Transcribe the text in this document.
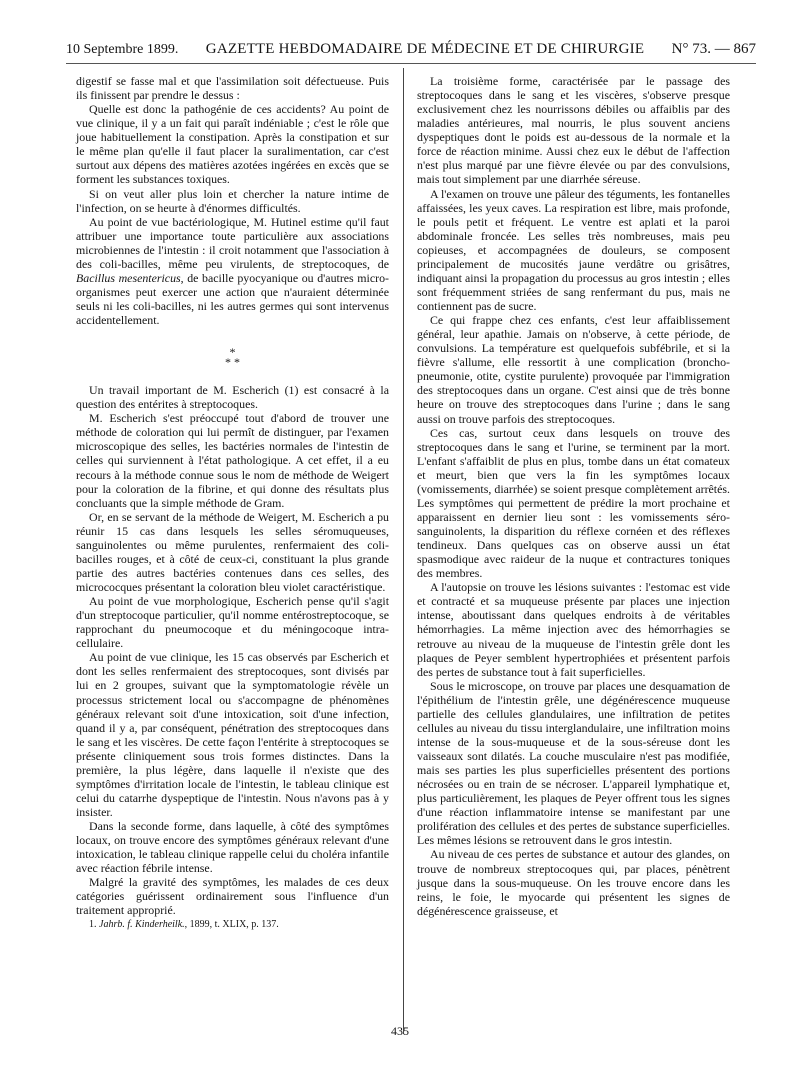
10 Septembre 1899. GAZETTE HEBDOMADAIRE DE MÉDECINE ET DE CHIRURGIE N° 73. — 867

digestif se fasse mal et que l'assimilation soit défectueuse. Puis ils finissent par prendre le dessus :

Quelle est donc la pathogénie de ces accidents? Au point de vue clinique, il y a un fait qui paraît indéniable ; c'est le rôle que joue habituellement la constipation. Après la constipation et sur le même plan qu'elle il faut placer la suralimentation, car c'est surtout aux dépens des matières azotées ingérées en excès que se forment les substances toxiques.

Si on veut aller plus loin et chercher la nature intime de l'infection, on se heurte à d'énormes difficultés.

Au point de vue bactériologique, M. Hutinel estime qu'il faut attribuer une importance toute particulière aux associations microbiennes de l'intestin : il croit notamment que l'association à des coli-bacilles, même peu virulents, de streptocoques, de Bacillus mesentericus, de bacille pyocyanique ou d'autres micro-organismes peut exercer une action que n'auraient déterminée seuls ni les coli-bacilles, ni les autres germes qui sont intervenus accidentellement.

*
* *

Un travail important de M. Escherich (1) est consacré à la question des entérites à streptocoques.

M. Escherich s'est préoccupé tout d'abord de trouver une méthode de coloration qui lui permît de distinguer, par l'examen microscopique des selles, les bactéries normales de l'intestin de celles qui surviennent à l'état pathologique. A cet effet, il a eu recours à la méthode connue sous le nom de méthode de Weigert pour la coloration de la fibrine, et qui donne des résultats plus concluants que la simple méthode de Gram.

Or, en se servant de la méthode de Weigert, M. Escherich a pu réunir 15 cas dans lesquels les selles séromuqueuses, sanguinolentes ou même purulentes, renfermaient des coli-bacilles rouges, et à côté de ceux-ci, constituant la plus grande partie des autres bactéries contenues dans ces selles, des micrococques présentant la coloration bleu violet caractéristique.

Au point de vue morphologique, Escherich pense qu'il s'agit d'un streptocoque particulier, qu'il nomme entérostreptocoque, se rapprochant du pneumocoque et du méningocoque intra-cellulaire.

Au point de vue clinique, les 15 cas observés par Escherich et dont les selles renfermaient des streptocoques, sont divisés par lui en 2 groupes, suivant que la symptomatologie révèle un processus strictement local ou s'accompagne de phénomènes généraux relevant soit d'une intoxication, soit d'une infection, quand il y a, par conséquent, pénétration des streptocoques dans le sang et les viscères. De cette façon l'entérite à streptocoques se présente cliniquement sous trois formes distinctes. Dans la première, la plus légère, dans laquelle il n'existe que des symptômes d'irritation locale de l'intestin, le tableau clinique est celui du catarrhe dyspeptique de l'intestin. Nous n'avons pas à y insister.

Dans la seconde forme, dans laquelle, à côté des symptômes locaux, on trouve encore des symptômes généraux relevant d'une intoxication, le tableau clinique rappelle celui du choléra infantile avec réaction fébrile intense.

Malgré la gravité des symptômes, les malades de ces deux catégories guérissent ordinairement sous l'influence d'un traitement approprié.

1. Jahrb. f. Kinderheilk., 1899, t. XLIX, p. 137.

La troisième forme, caractérisée par le passage des streptocoques dans le sang et les viscères, s'observe presque exclusivement chez les nourrissons débiles ou affaiblis par des maladies antérieures, mal nourris, le plus souvent anciens dyspeptiques dont le poids est au-dessous de la normale et la force de réaction minime. Aussi chez eux le début de l'affection n'est plus marqué par une fièvre élevée ou par des convulsions, mais tout simplement par une diarrhée séreuse.

A l'examen on trouve une pâleur des téguments, les fontanelles affaissées, les yeux caves. La respiration est libre, mais profonde, le pouls petit et fréquent. Le ventre est aplati et la paroi abdominale froncée. Les selles très nombreuses, mais peu copieuses, et accompagnées de douleurs, se composent principalement de mucosités jaune verdâtre ou grisâtres, indiquant ainsi la propagation du processus au gros intestin ; elles sont fréquemment striées de sang renfermant du pus, mais ne contiennent pas de sucre.

Ce qui frappe chez ces enfants, c'est leur affaiblissement général, leur apathie. Jamais on n'observe, à cette période, de convulsions. La température est quelquefois subfébrile, et si la fièvre s'allume, elle ressortit à une complication (broncho-pneumonie, otite, cystite purulente) provoquée par l'immigration des streptocoques dans un organe. C'est ainsi que de très bonne heure on trouve des streptocoques dans l'urine ; dans le sang aussi on trouve parfois des streptocoques.

Ces cas, surtout ceux dans lesquels on trouve des streptocoques dans le sang et l'urine, se terminent par la mort. L'enfant s'affaiblit de plus en plus, tombe dans un état comateux et meurt, bien que vers la fin les symptômes locaux (vomissements, diarrhée) se soient presque complètement arrêtés. Les symptômes qui permettent de prédire la mort prochaine et apparaissent en dernier lieu sont : les vomissements séro-sanguinolents, la disparition du réflexe cornéen et des réflexes tendineux. Dans quelques cas on observe aussi un état spasmodique avec raideur de la nuque et contractures toniques des membres.

A l'autopsie on trouve les lésions suivantes : l'estomac est vide et contracté et sa muqueuse présente par places une injection intense, aboutissant dans quelques endroits à de véritables hémorrhagies. La même injection avec des hémorrhagies se retrouve au niveau de la muqueuse de l'intestin grêle dont les plaques de Peyer semblent hypertrophiées et présentent parfois des pertes de substance tout à fait superficielles.

Sous le microscope, on trouve par places une desquamation de l'épithélium de l'intestin grêle, une dégénérescence muqueuse partielle des cellules glandulaires, une infiltration de petites cellules au niveau du tissu interglandulaire, une infiltration moins intense de la sous-muqueuse et de la sous-séreuse dont les vaisseaux sont dilatés. La couche musculaire n'est pas modifiée, mais ses parties les plus superficielles présentent des portions nécrosées ou en train de se nécroser. L'appareil lymphatique et, plus particulièrement, les plaques de Peyer offrent tous les signes d'une réaction inflammatoire intense se manifestant par une prolifération des cellules et des pertes de substance superficielles. Les mêmes lésions se retrouvent dans le gros intestin.

Au niveau de ces pertes de substance et autour des glandes, on trouve de nombreux streptocoques qui, par places, pénètrent jusque dans la sous-muqueuse. On les trouve encore dans les reins, le foie, le myocarde qui présentent les signes de dégénérescence graisseuse, et

435
